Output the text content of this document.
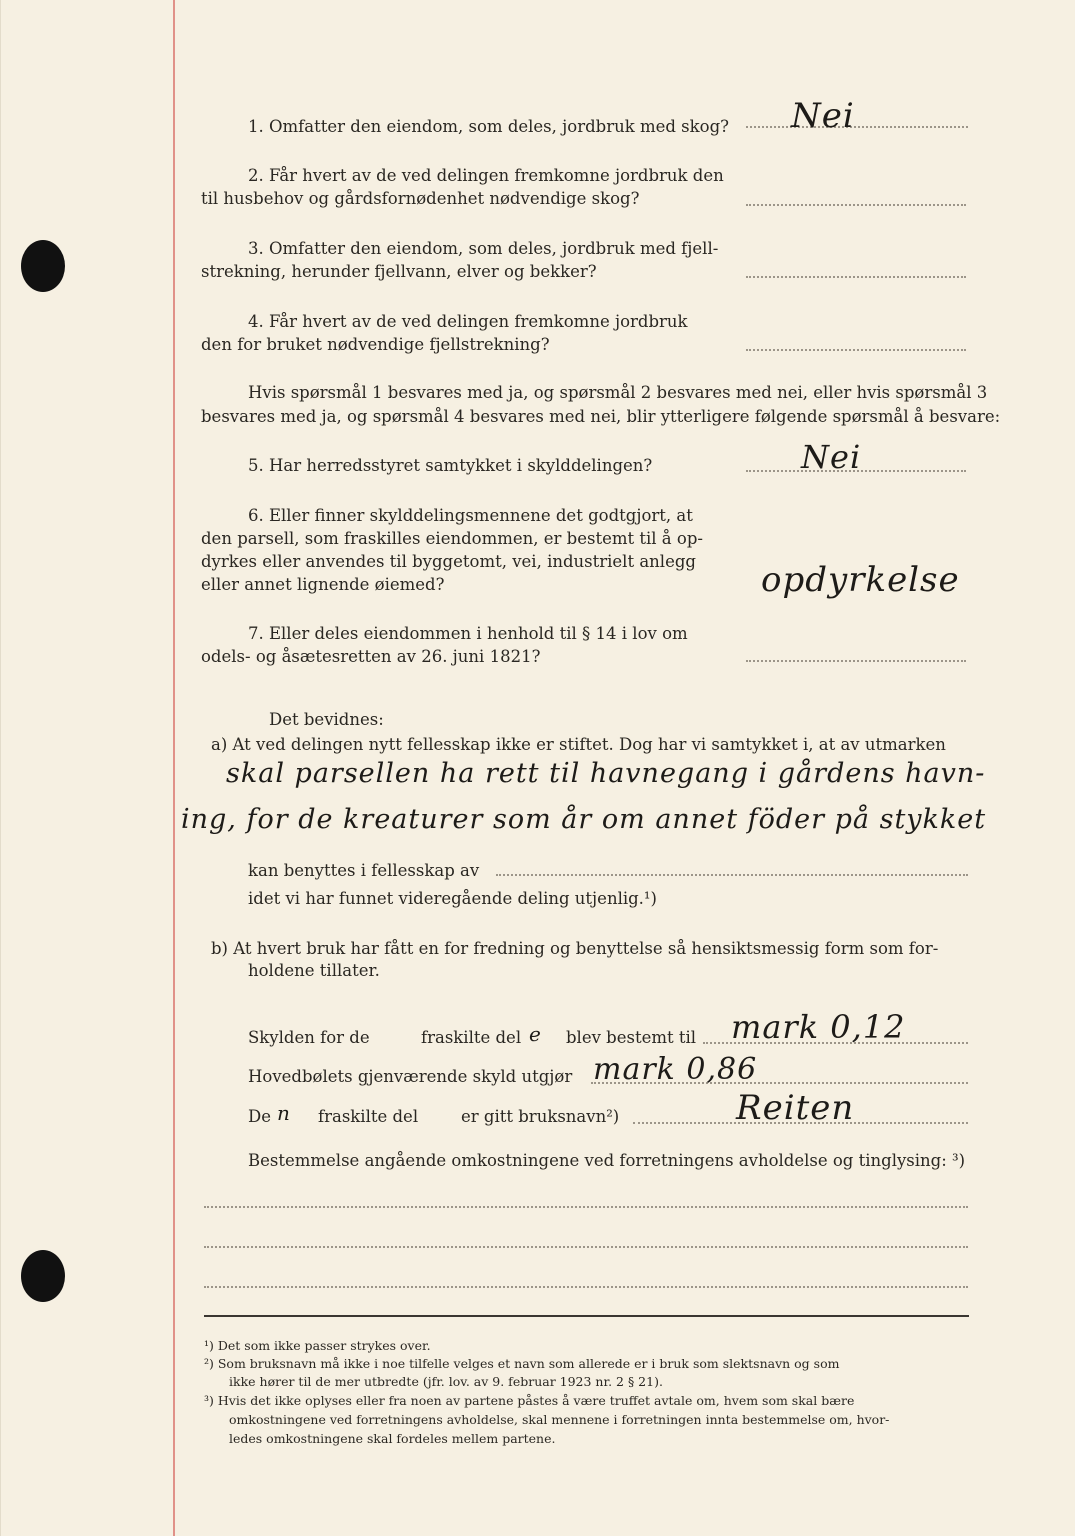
1. Omfatter den eiendom, som deles, jordbruk med skog? Nei
2. Får hvert av de ved delingen fremkomne jordbruk den
til husbehov og gårdsfornødenhet nødvendige skog?
3. Omfatter den eiendom, som deles, jordbruk med fjell-
strekning, herunder fjellvann, elver og bekker?
4. Får hvert av de ved delingen fremkomne jordbruk
den for bruket nødvendige fjellstrekning?
Hvis spørsmål 1 besvares med ja, og spørsmål 2 besvares med nei, eller hvis spørsmål 3
besvares med ja, og spørsmål 4 besvares med nei, blir ytterligere følgende spørsmål å besvare:
5. Har herredsstyret samtykket i skylddelingen?	Nei
6. Eller finner skylddelingsmennene det godtgjort, at
den parsell, som fraskilles eiendommen, er bestemt til å op-
dyrkes eller anvendes til byggetomt, vei, industrielt anlegg
eller annet lignende øiemed?	opdyrkelse
7. Eller deles eiendommen i henhold til § 14 i lov om
odels- og åsætesretten av 26. juni 1821?
Det bevidnes:
a) At ved delingen nytt fellesskap ikke er stiftet. Dog har vi samtykket i, at av utmarken
skal parsellen ha rett til havnegang i gårdens havn-
ing, for de kreaturer som år om annet föder på stykket
kan benyttes i fellesskap av
idet vi har funnet videregående deling utjenlig.¹)
b) At hvert bruk har fått en for fredning og benyttelse så hensiktsmessig form som for-
holdene tillater.
Skylden for de	fraskilte del e blev bestemt til mark 0,12
Hovedbølets gjenværende skyld utgjør mark 0,86
De n fraskilte del	er gitt bruksnavn²)	Reiten
Bestemmelse angående omkostningene ved forretningens avholdelse og tinglysing: ³)
¹) Det som ikke passer strykes over.
²) Som bruksnavn må ikke i noe tilfelle velges et navn som allerede er i bruk som slektsnavn og som
ikke hører til de mer utbredte (jfr. lov. av 9. februar 1923 nr. 2 § 21).
³) Hvis det ikke oplyses eller fra noen av partene påstes å være truffet avtale om, hvem som skal bære
omkostningene ved forretningens avholdelse, skal mennene i forretningen innta bestemmelse om, hvor-
ledes omkostningene skal fordeles mellem partene.
